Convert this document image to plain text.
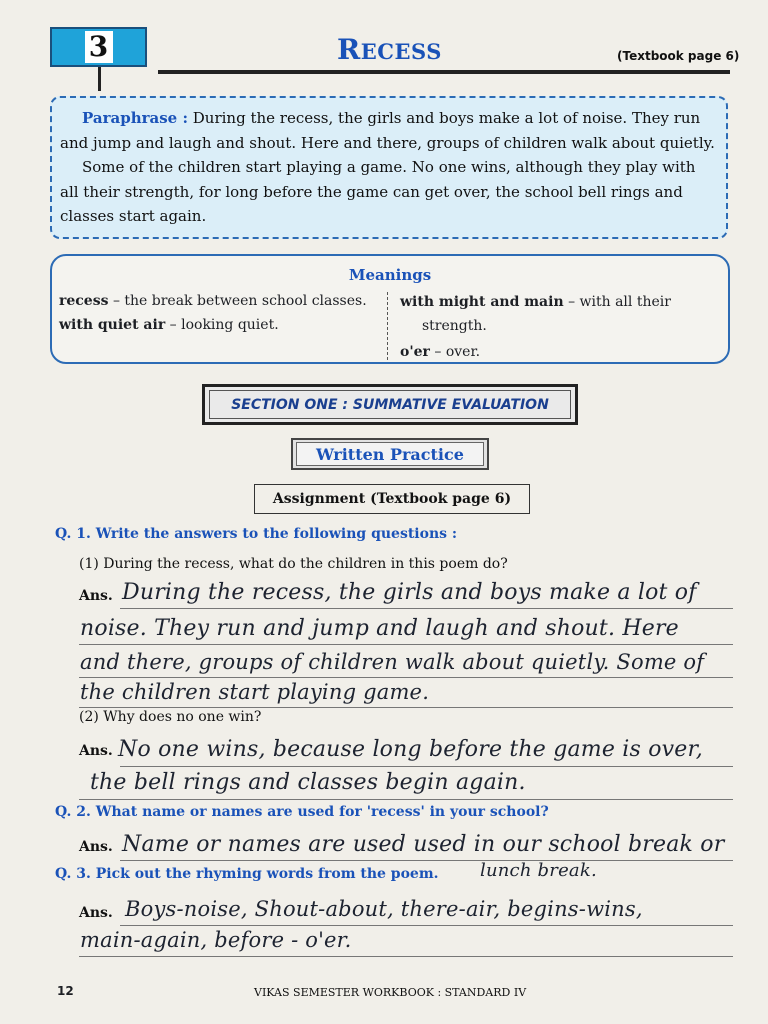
3	RECESS	(Textbook page 6)

Paraphrase : During the recess, the girls and boys make a lot of noise. They run and jump and laugh and shout. Here and there, groups of children walk about quietly.

Some of the children start playing a game. No one wins, although they play with all their strength, for long before the game can get over, the school bell rings and classes start again.

Meanings
recess – the break between school classes.
with quiet air – looking quiet.
with might and main – with all their
strength.
o'er – over.
SECTION ONE : SUMMATIVE EVALUATION
Written Practice
Assignment (Textbook page 6)
Q. 1. Write the answers to the following questions :
(1) During the recess, what do the children in this poem do?
Ans. During the recess, the girls and boys make a lot of
noise. They run and jump and laugh and shout. Here
and there, groups of children walk about quietly. Some of
the children start playing game.
(2) Why does no one win?
Ans. No one wins, because long before the game is over,
the bell rings and classes begin again.
Q. 2. What name or names are used for 'recess' in your school?
Ans. Name or names are used used in our school break or
lunch break.
Q. 3. Pick out the rhyming words from the poem.
Ans. Boys-noise, Shout-about, there-air, begins-wins,
main-again, before - o'er.
12	VIKAS SEMESTER WORKBOOK : STANDARD IV
